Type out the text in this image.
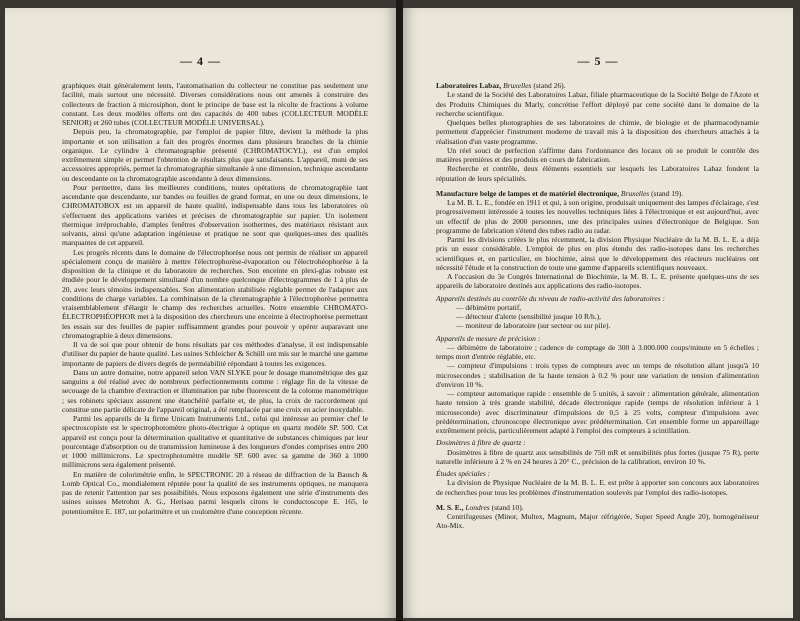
— 4 —

graphiques était généralement lents, l'automatisation du collecteur ne constitue pas seulement une facilité, mais surtout une nécessité. Diverses considérations nous ont amenés à construire des collecteurs de fraction à microsiphon, dont le principe de base est la récolte de fractions à volume constant. Les deux modèles offerts ont des capacités de 400 tubes (COLLECTEUR MODÈLE SENIOR) et 260 tubes (COLLECTEUR MODÈLE UNIVERSAL).

Depuis peu, la chromatographie, par l'emploi de papier filtre, devient la méthode la plus importante et son utilisation a fait des progrès énormes dans plusieurs branches de la chimie organique. Le cylindre à chromatographie présenté (CHROMATOCYL), est d'un emploi extrêmement simple et permet l'obtention de résultats plus que satisfaisants. L'appareil, muni de ses accessoires appropriés, permet la chromatographie simultanée à une dimension, technique ascendante ou descendante ou la chromatographie ascendante à deux dimensions.

Pour permettre, dans les meilleures conditions, toutes opérations de chromatographie tant ascendante que descendante, sur bandes ou feuilles de grand format, en une ou deux dimensions, le CHROMATOBOX est un appareil de haute qualité, indispensable dans tous les laboratoires où s'effectuent des applications variées et précises de chromatographie sur papier. Un isolement thermique irréprochable, d'amples fenêtres d'observation isothermes, des matériaux résistant aux solvants, ainsi qu'une adaptation ingénieuse et pratique ne sont que quelques-unes des qualités marquantes de cet appareil.

Les progrès récents dans le domaine de l'électrophorèse nous ont permis de réaliser un appareil spécialement conçu de manière à mettre l'électrophorèse-évaporation ou l'électrohéophorèse à la disposition de la clinique et du laboratoire de recherches. Son enceinte en plexi-glas robuste est étudiée pour le développement simultané d'un nombre quelconque d'électrogrammes de 1 à plus de 20, avec leurs témoins indispensables. Son alimentation stabilisée réglable permet de l'adapter aux conditions de charge variables. La combinaison de la chromatographie à l'électrophorèse permettra vraisemblablement d'élargir le champ des recherches actuelles. Notre ensemble CHROMATO-ÉLECTROPHÉOPHOR met à la disposition des chercheurs une enceinte à électrophorèse permettant les essais sur des feuilles de papier suffisamment grandes pour pouvoir y opérer auparavant une chromatographie à deux dimensions.

Il va de soi que pour obtenir de bons résultats par ces méthodes d'analyse, il est indispensable d'utiliser du papier de haute qualité. Les usines Schleicher & Schüll ont mis sur le marché une gamme importante de papiers de divers degrés de perméabilité répondant à toutes les exigences.

Dans un autre domaine, notre appareil selon VAN SLYKE pour le dosage manométrique des gaz sanguins a été réalisé avec de nombreux perfectionnements comme : réglage fin de la vitesse de secouage de la chambre d'extraction et illumination par tube fluorescent de la colonne manométrique ; ses robinets spéciaux assurent une étanchéité parfaite et, de plus, la croix de raccordement qui constitue une partie délicate de l'appareil original, a été remplacée par une croix en acier inoxydable.

Parmi les appareils de la firme Unicam Instruments Ltd., celui qui intéresse au premier chef le spectroscopiste est le spectrophotomètre photo-électrique à optique en quartz modèle SP. 500. Cet appareil est conçu pour la détermination qualitative et quantitative de substances chimiques par leur pourcentage d'absorption ou de transmission lumineuse à des longueurs d'ondes comprises entre 200 et 1000 millimicrons. Le spectrophotomètre modèle SP. 600 avec sa gamme de 360 à 1000 millimicrons sera également présenté.

En matière de colorimétrie enfin, le SPECTRONIC 20 à réseau de diffraction de la Bausch & Lomb Optical Co., mondialement réputée pour la qualité de ses instruments optiques, ne manquera pas de retenir l'attention par ses possibilités. Nous exposons également une série d'instruments des usines suisses Metrohm A. G., Herisau parmi lesquels citons le conductoscope E. 165, le potentiomètre E. 187, un polarimètre et un coulomètre d'une conception récente.

— 5 —

Laboratoires Labaz, Bruxelles (stand 26).

Le stand de la Société des Laboratoires Labaz, filiale pharmaceutique de la Société Belge de l'Azote et des Produits Chimiques du Marly, concrétise l'effort déployé par cette société dans le domaine de la recherche scientifique.

Quelques belles photographies de ses laboratoires de chimie, de biologie et de pharmacodynamie permettent d'apprécier l'instrument moderne de travail mis à la disposition des chercheurs attachés à la réalisation d'un vaste programme.

Un réel souci de perfection s'affirme dans l'ordonnance des locaux où se produit le contrôle des matières premières et des produits en cours de fabrication.

Recherche et contrôle, deux éléments essentiels sur lesquels les Laboratoires Labaz fondent la réputation de leurs spécialités.

Manufacture belge de lampes et de matériel électronique, Bruxelles (stand 19).

La M. B. L. E., fondée en 1911 et qui, à son origine, produisait uniquement des lampes d'éclairage, s'est progressivement intéressée à toutes les nouvelles techniques liées à l'électronique et est aujourd'hui, avec un effectif de plus de 2000 personnes, une des principales usines d'électronique de Belgique. Son programme de fabrication s'étend des tubes radio au radar.

Parmi les divisions créées le plus récemment, la division Physique Nucléaire de la M. B. L. E. a déjà pris un essor considérable. L'emploi de plus en plus étendu des radio-isotopes dans les recherches scientifiques et, en particulier, en biochimie, ainsi que le développement des réacteurs nucléaires ont nécessité l'étude et la construction de toute une gamme d'appareils scientifiques nouveaux.

A l'occasion du 3e Congrès International de Biochimie, la M. B. L. E. présente quelques-uns de ses appareils de laboratoire destinés aux applications des radio-isotopes.

Appareils destinés au contrôle du niveau de radio-activité des laboratoires :

— débimètre portatif,

— détecteur d'alerte (sensibilité jusque 10 R/h.),

— moniteur de laboratoire (sur secteur ou sur pile).

Appareils de mesure de précision :

— débimètre de laboratoire ; cadence de comptage de 300 à 3.000.000 coups/minute en 5 échelles ; temps mort d'entrée réglable, etc.

— compteur d'impulsions : trois types de compteurs avec un temps de résolution allant jusqu'à 10 microsecondes ; stabilisation de la haute tension à 0.2 % pour une variation de tension d'alimentation d'environ 10 %.

— compteur automatique rapide : ensemble de 5 unités, à savoir : alimentation générale, alimentation haute tension à très grande stabilité, décade électronique rapide (temps de résolution inférieur à 1 microseconde) avec discriminateur d'impulsions de 0,5 à 25 volts, compteur d'impulsions avec prédétermination, chronoscope électronique avec prédétermination. Cet ensemble forme un appareillage extrêmement précis, particulièrement adapté à l'emploi des compteurs à scintillation.

Dosimètres à fibre de quartz :

Dosimètres à fibre de quartz aux sensibilités de 750 mR et sensibilités plus fortes (jusque 75 R), perte naturelle inférieure à 2 % en 24 heures à 20° C., précision de la calibration, environ 10 %.

Études spéciales :

La division de Physique Nucléaire de la M. B. L. E. est prête à apporter son concours aux laboratoires de recherches pour tous les problèmes d'instrumentation soulevés par l'emploi des radio-isotopes.

M. S. E., Londres (stand 10).

Centrifugeuses (Minor, Multex, Magnum, Major réfrigérée, Super Speed Angle 20), homogénéiseur Ato-Mix.
